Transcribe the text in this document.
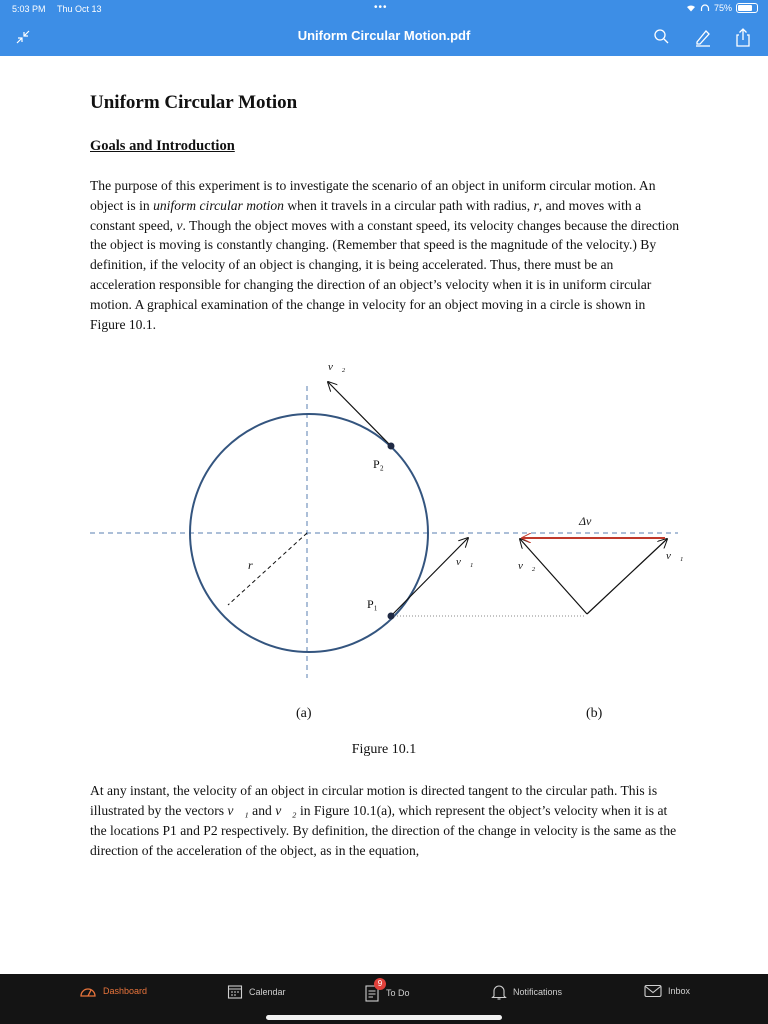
5:03 PM Thu Oct 13	•••	75%
Uniform Circular Motion.pdf
Uniform Circular Motion
Goals and Introduction
The purpose of this experiment is to investigate the scenario of an object in uniform circular motion. An object is in uniform circular motion when it travels in a circular path with radius, r, and moves with a constant speed, v. Though the object moves with a constant speed, its velocity changes because the direction the object is moving is constantly changing. (Remember that speed is the magnitude of the velocity.) By definition, if the velocity of an object is changing, it is being accelerated. Thus, there must be an acceleration responsible for changing the direction of an object’s velocity when it is in uniform circular motion. A graphical examination of the change in velocity for an object moving in a circle is shown in Figure 10.1.
v⃗₂
P₂
r
P₁
v⃗₁
Δv⃗
v⃗₂
v⃗₁
(a)	(b)
Figure 10.1
At any instant, the velocity of an object in circular motion is directed tangent to the circular path. This is illustrated by the vectors v⃗₁ and v⃗₂ in Figure 10.1(a), which represent the object’s velocity when it is at the locations P1 and P2 respectively. By definition, the direction of the change in velocity is the same as the direction of the acceleration of the object, as in the equation,
Dashboard	Calendar
9
To Do	Notifications	Inbox
